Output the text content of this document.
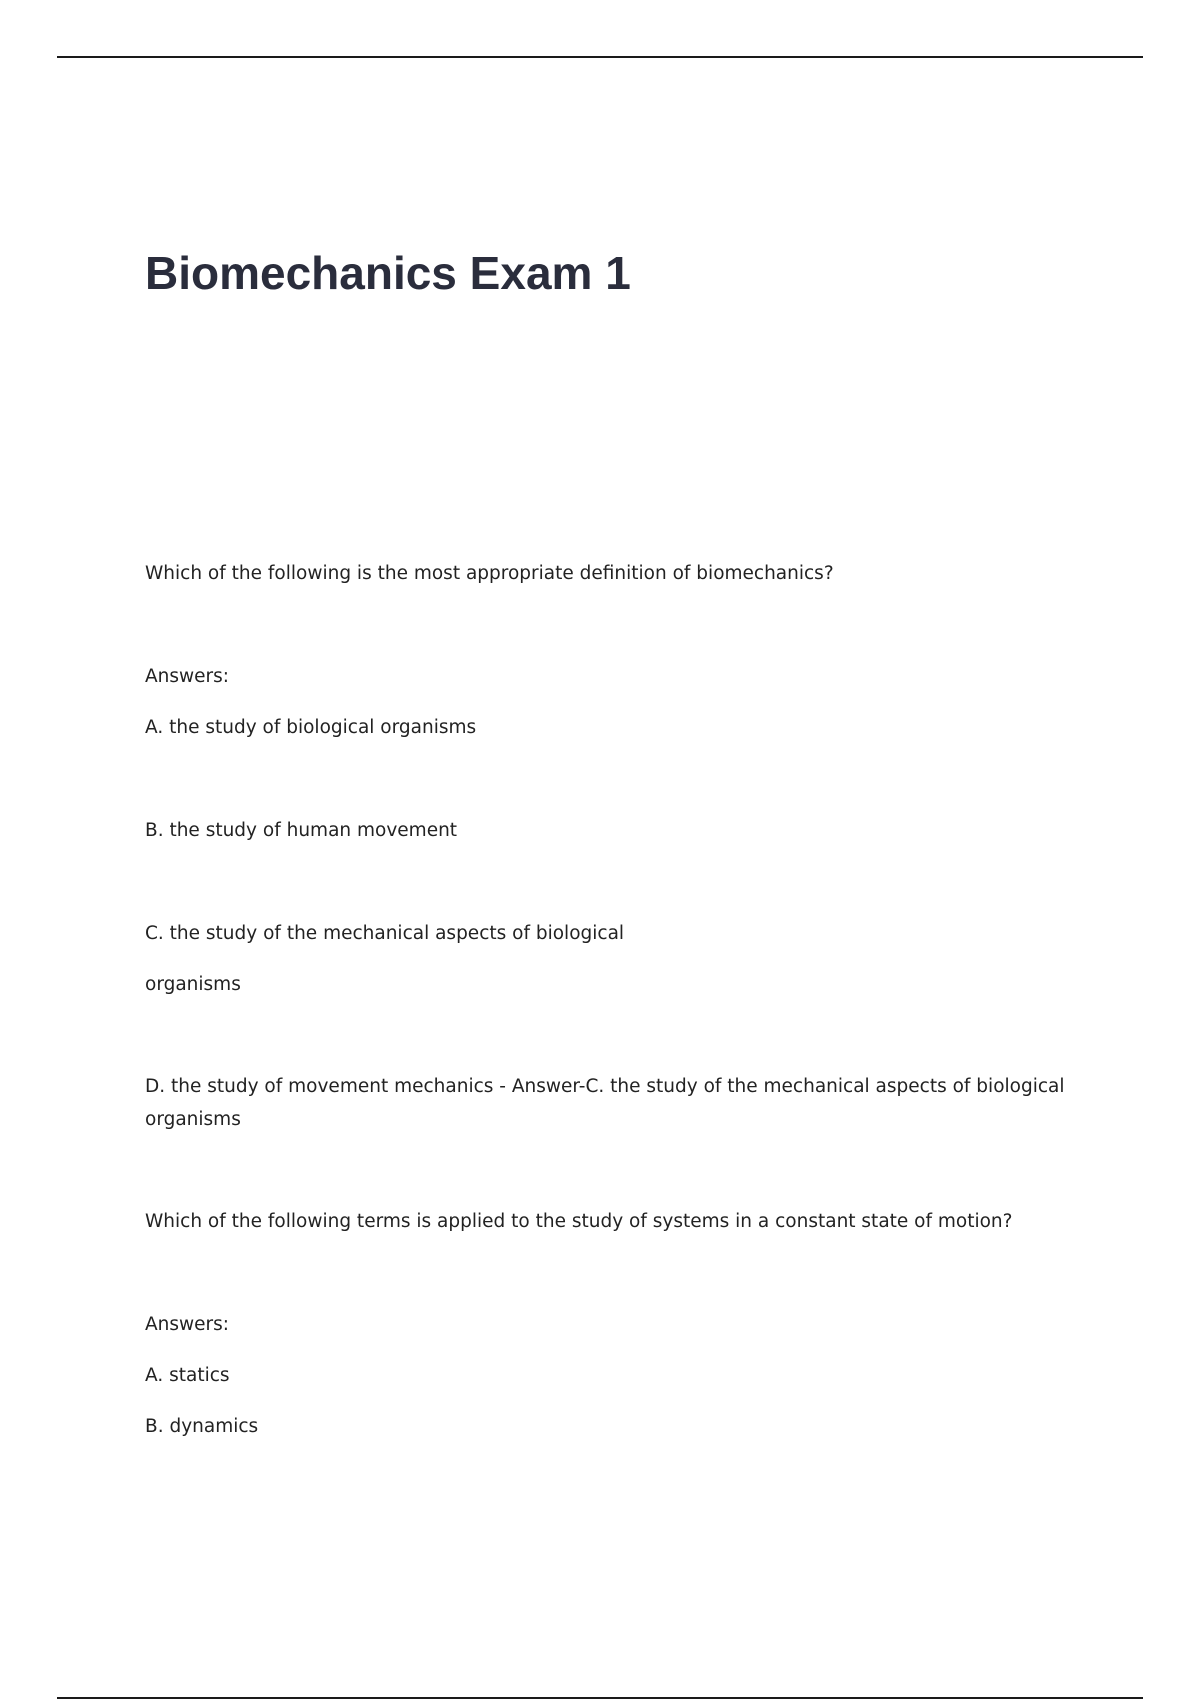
Biomechanics Exam 1
Which of the following is the most appropriate definition of biomechanics?
Answers:
A. the study of biological organisms
B. the study of human movement
C. the study of the mechanical aspects of biological
organisms
D. the study of movement mechanics - Answer-C. the study of the mechanical aspects of biological
organisms
Which of the following terms is applied to the study of systems in a constant state of motion?
Answers:
A. statics
B. dynamics
